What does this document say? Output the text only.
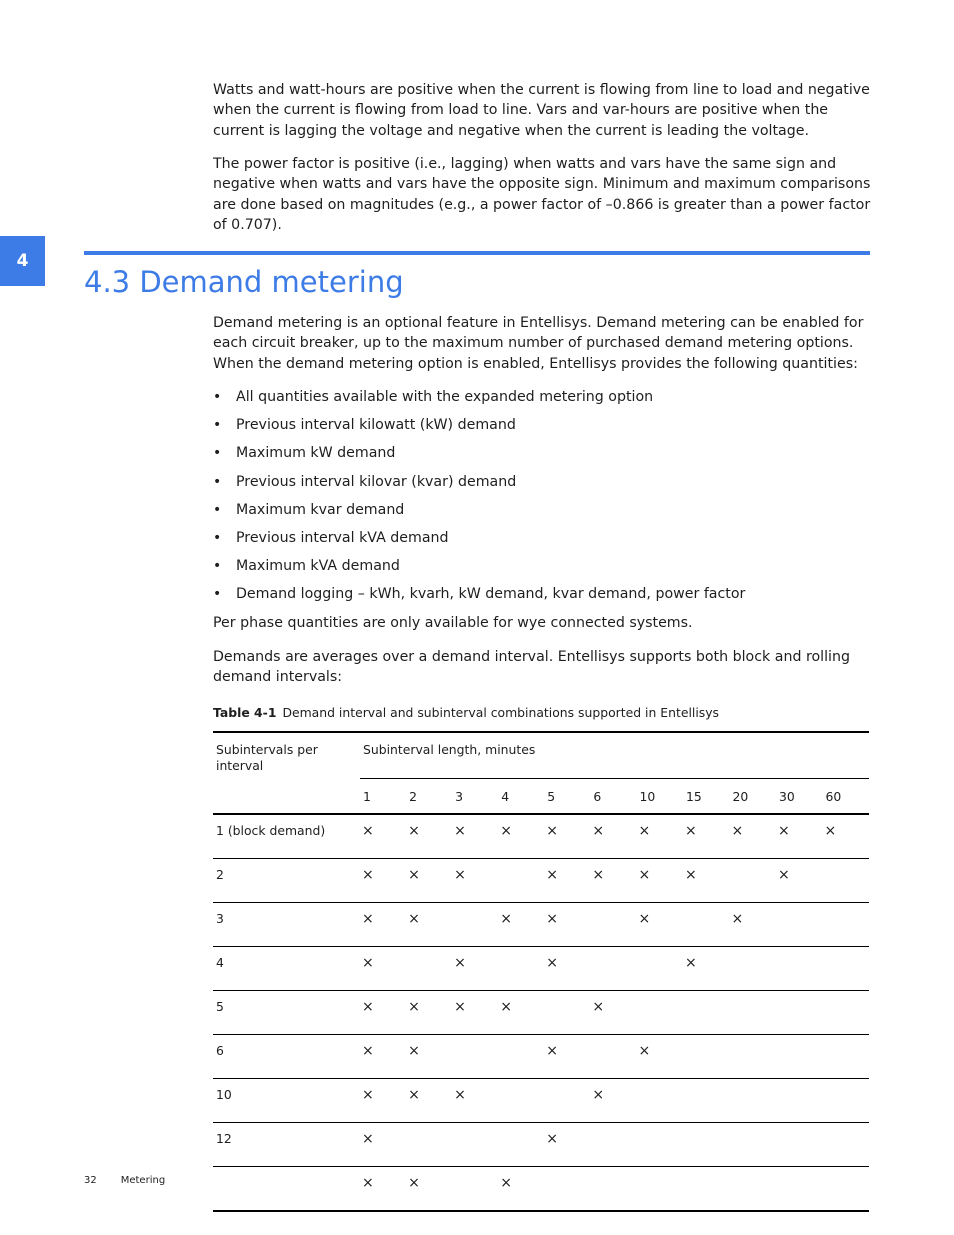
Watts and watt-hours are positive when the current is flowing from line to load and negative when the current is flowing from load to line. Vars and var-hours are positive when the current is lagging the voltage and negative when the current is leading the voltage.

The power factor is positive (i.e., lagging) when watts and vars have the same sign and negative when watts and vars have the opposite sign. Minimum and maximum comparisons are done based on magnitudes (e.g., a power factor of –0.866 is greater than a power factor of 0.707).

4
4.3 Demand metering

Demand metering is an optional feature in Entellisys. Demand metering can be enabled for each circuit breaker, up to the maximum number of purchased demand metering options. When the demand metering option is enabled, Entellisys provides the following quantities:

• All quantities available with the expanded metering option
• Previous interval kilowatt (kW) demand
• Maximum kW demand
• Previous interval kilovar (kvar) demand
• Maximum kvar demand
• Previous interval kVA demand
• Maximum kVA demand
• Demand logging – kWh, kvarh, kW demand, kvar demand, power factor

Per phase quantities are only available for wye connected systems.

Demands are averages over a demand interval. Entellisys supports both block and rolling demand intervals:

Table 4-1 Demand interval and subinterval combinations supported in Entellisys

Subintervals per interval	Subinterval length, minutes										
	1	2	3	4	5	6	10	15	20	30	60
1 (block demand)	×	×	×	×	×	×	×	×	×	×	×
2	×	×	×		×	×	×	×		×	
3	×	×		×	×		×		×		
4	×		×		×			×			
5	×	×	×	×		×					
6	×	×			×		×				
10	×	×	×			×					
12	×				×						
	×	×		×							
32 Metering
